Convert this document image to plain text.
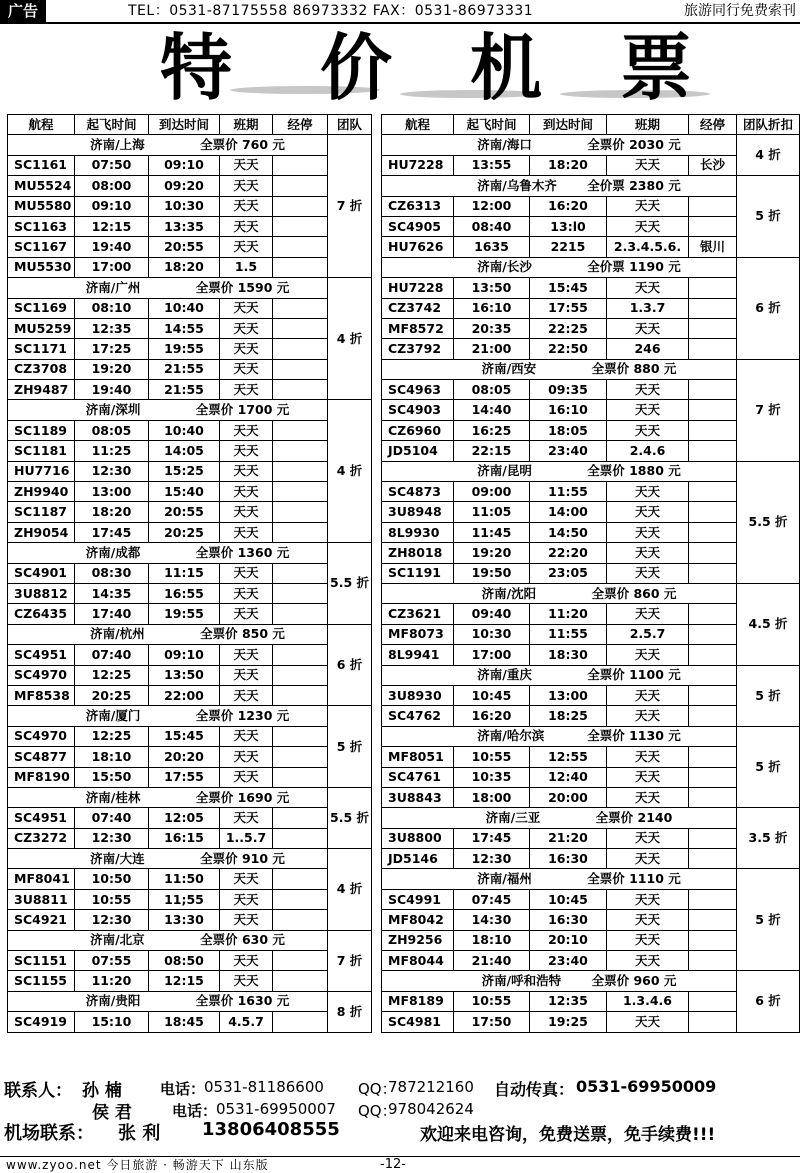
广告	TEL：0531-87175558 86973332 FAX：0531-86973331	旅游同行免费索刊
特 价 机 票
航程	起飞时间	到达时间	班期	经停	团队
济南/上海 全票价 760 元					7 折
SC1161	07:50	09:10	天天		
MU5524	08:00	09:20	天天		
MU5580	09:10	10:30	天天		
SC1163	12:15	13:35	天天		
SC1167	19:40	20:55	天天		
MU5530	17:00	18:20	1.5		
济南/广州 全票价 1590 元					4 折
SC1169	08:10	10:40	天天		
MU5259	12:35	14:55	天天		
SC1171	17:25	19:55	天天		
CZ3708	19:20	21:55	天天		
ZH9487	19:40	21:55	天天		
济南/深圳 全票价 1700 元					4 折
SC1189	08:05	10:40	天天		
SC1181	11:25	14:05	天天		
HU7716	12:30	15:25	天天		
ZH9940	13:00	15:40	天天		
SC1187	18:20	20:55	天天		
ZH9054	17:45	20:25	天天		
济南/成都 全票价 1360 元					5.5 折
SC4901	08:30	11:15	天天		
3U8812	14:35	16:55	天天		
CZ6435	17:40	19:55	天天		
济南/杭州 全票价 850 元					6 折
SC4951	07:40	09:10	天天		
SC4970	12:25	13:50	天天		
MF8538	20:25	22:00	天天		
济南/厦门 全票价 1230 元					5 折
SC4970	12:25	15:45	天天		
SC4877	18:10	20:20	天天		
MF8190	15:50	17:55	天天		
济南/桂林 全票价 1690 元					5.5 折
SC4951	07:40	12:05	天天		
CZ3272	12:30	16:15	1..5.7		
济南/大连 全票价 910 元					4 折
MF8041	10:50	11:50	天天		
3U8811	10:55	11;55	天天		
SC4921	12:30	13:30	天天		
济南/北京 全票价 630 元					7 折
SC1151	07:55	08:50	天天		
SC1155	11:20	12:15	天天		
济南/贵阳 全票价 1630 元					8 折
SC4919	15:10	18:45	4.5.7		
航程	起飞时间	到达时间	班期	经停	团队折扣
济南/海口 全票价 2030 元					4 折
HU7228	13:55	18:20	天天	长沙	
济南/乌鲁木齐 全价票 2380 元					5 折
CZ6313	12:00	16:20	天天		
SC4905	08:40	13:l0	天天		
HU7626	1635	2215	2.3.4.5.6.	银川	
济南/长沙 全价票 1190 元					6 折
HU7228	13:50	15:45	天天		
CZ3742	16:10	17:55	1.3.7		
MF8572	20:35	22:25	天天		
CZ3792	21:00	22:50	246		
济南/西安 全票价 880 元					7 折
SC4963	08:05	09:35	天天		
SC4903	14:40	16:10	天天		
CZ6960	16:25	18:05	天天		
JD5104	22:15	23:40	2.4.6		
济南/昆明 全票价 1880 元					5.5 折
SC4873	09:00	11:55	天天		
3U8948	11:05	14:00	天天		
8L9930	11:45	14:50	天天		
ZH8018	19:20	22:20	天天		
SC1191	19:50	23:05	天天		
济南/沈阳 全票价 860 元					4.5 折
CZ3621	09:40	11:20	天天		
MF8073	10:30	11:55	2.5.7		
8L9941	17:00	18:30	天天		
济南/重庆 全票价 1100 元					5 折
3U8930	10:45	13:00	天天		
SC4762	16:20	18:25	天天		
济南/哈尔滨 全票价 1130 元					5 折
MF8051	10:55	12:55	天天		
SC4761	10:35	12:40	天天		
3U8843	18:00	20:00	天天		
济南/三亚 全票价 2140					3.5 折
3U8800	17:45	21:20	天天		
JD5146	12:30	16:30	天天		
济南/福州 全票价 1110 元					5 折
SC4991	07:45	10:45	天天		
MF8042	14:30	16:30	天天		
ZH9256	18:10	20:10	天天		
MF8044	21:40	23:40	天天		
济南/呼和浩特 全票价 960 元					6 折
MF8189	10:55	12:35	1.3.4.6		
SC4981	17:50	19:25	天天		
联系人： 孙 楠	电话：
0531-81186600 QQ：
787212160 自动传真： 0531-69950009
侯 君	电话：
0531-69950007 QQ：
978042624
机场联系： 张 利 13806408555	欢迎来电咨询，免费送票，免手续费!!!
www.zyoo.net 今日旅游 · 畅游天下 山东版	-12-
